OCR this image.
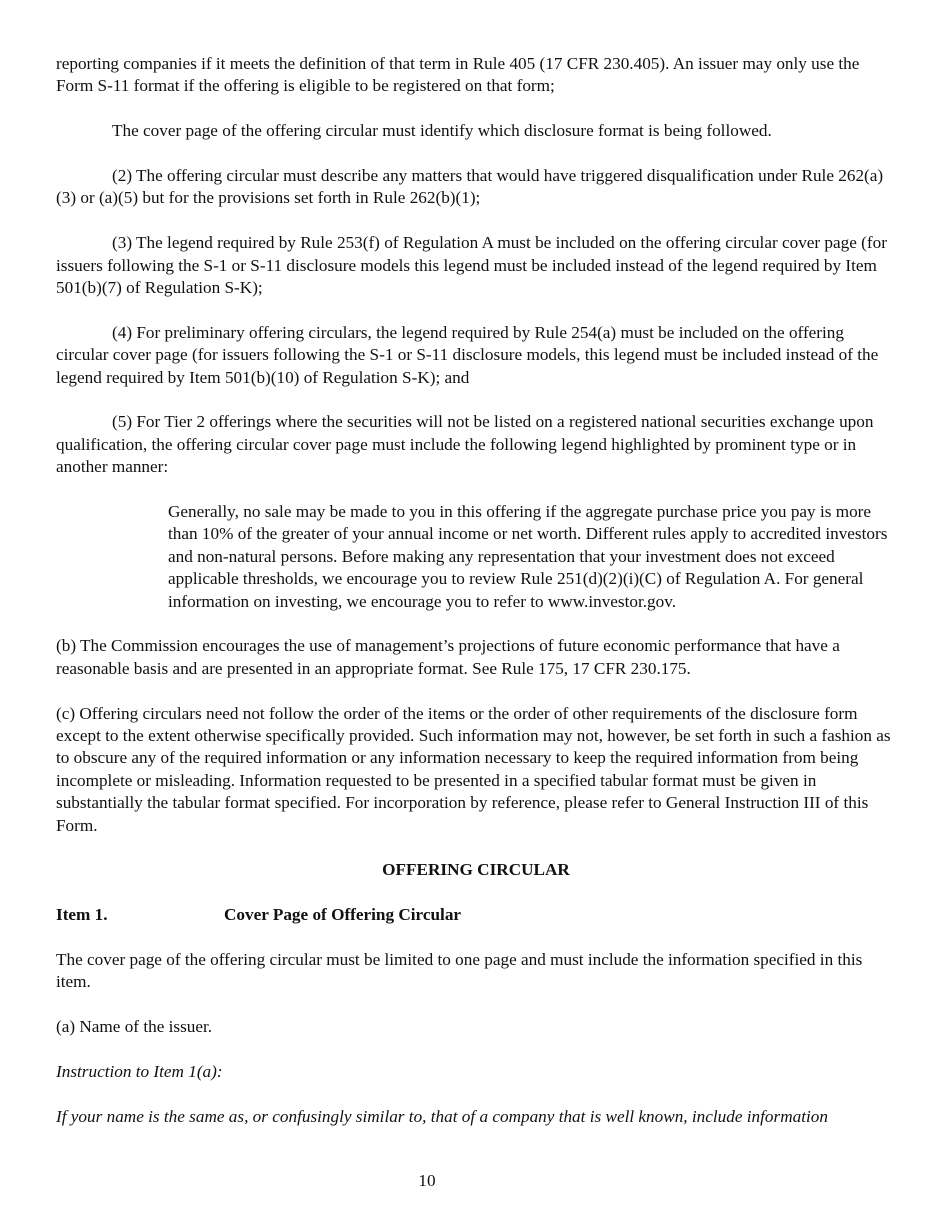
reporting companies if it meets the definition of that term in Rule 405 (17 CFR 230.405). An issuer may only use the Form S-11 format if the offering is eligible to be registered on that form;

The cover page of the offering circular must identify which disclosure format is being followed.

(2) The offering circular must describe any matters that would have triggered disqualification under Rule 262(a)(3) or (a)(5) but for the provisions set forth in Rule 262(b)(1);

(3) The legend required by Rule 253(f) of Regulation A must be included on the offering circular cover page (for issuers following the S-1 or S-11 disclosure models this legend must be included instead of the legend required by Item 501(b)(7) of Regulation S-K);

(4) For preliminary offering circulars, the legend required by Rule 254(a) must be included on the offering circular cover page (for issuers following the S-1 or S-11 disclosure models, this legend must be included instead of the legend required by Item 501(b)(10) of Regulation S-K); and

(5) For Tier 2 offerings where the securities will not be listed on a registered national securities exchange upon qualification, the offering circular cover page must include the following legend highlighted by prominent type or in another manner:

Generally, no sale may be made to you in this offering if the aggregate purchase price you pay is more than 10% of the greater of your annual income or net worth. Different rules apply to accredited investors and non-natural persons. Before making any representation that your investment does not exceed applicable thresholds, we encourage you to review Rule 251(d)(2)(i)(C) of Regulation A. For general information on investing, we encourage you to refer to www.investor.gov.

(b) The Commission encourages the use of management’s projections of future economic performance that have a reasonable basis and are presented in an appropriate format. See Rule 175, 17 CFR 230.175.

(c) Offering circulars need not follow the order of the items or the order of other requirements of the disclosure form except to the extent otherwise specifically provided. Such information may not, however, be set forth in such a fashion as to obscure any of the required information or any information necessary to keep the required information from being incomplete or misleading. Information requested to be presented in a specified tabular format must be given in substantially the tabular format specified. For incorporation by reference, please refer to General Instruction III of this Form.

OFFERING CIRCULAR

Item 1.	Cover Page of Offering Circular

The cover page of the offering circular must be limited to one page and must include the information specified in this item.

(a) Name of the issuer.

Instruction to Item 1(a):

If your name is the same as, or confusingly similar to, that of a company that is well known, include information

10
